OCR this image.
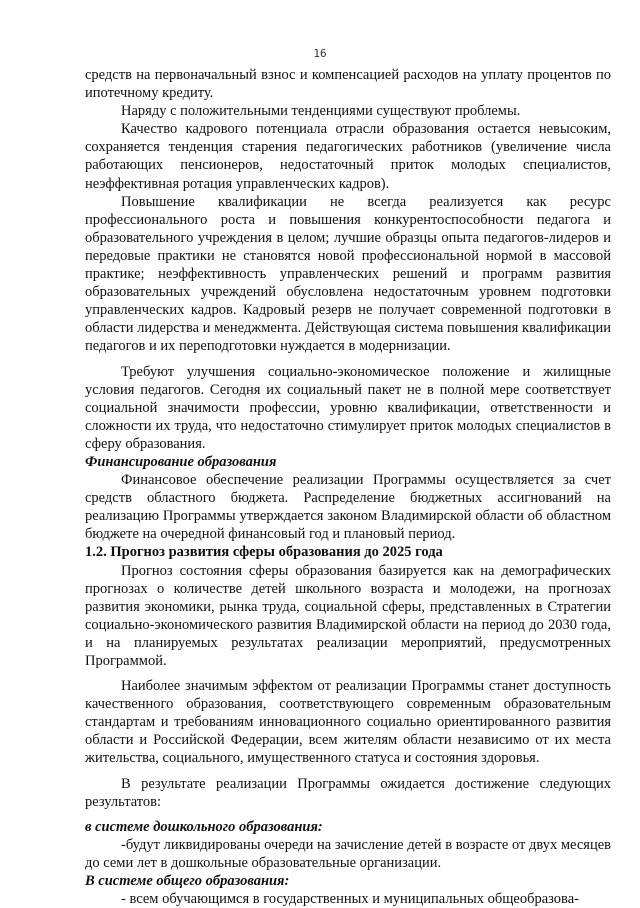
16

средств на первоначальный взнос и компенсацией расходов на уплату процентов по ипотечному кредиту.

Наряду с положительными тенденциями существуют проблемы.

Качество кадрового потенциала отрасли образования остается невысоким, сохраняется тенденция старения педагогических работников (увеличение числа работающих пенсионеров, недостаточный приток молодых специалистов, неэффективная ротация управленческих кадров).

Повышение квалификации не всегда реализуется как ресурс профессионального роста и повышения конкурентоспособности педагога и образовательного учреждения в целом; лучшие образцы опыта педагогов-лидеров и передовые практики не становятся новой профессиональной нормой в массовой практике; неэффективность управленческих решений и программ развития образовательных учреждений обусловлена недостаточным уровнем подготовки управленческих кадров. Кадровый резерв не получает современной подготовки в области лидерства и менеджмента. Действующая система повышения квалификации педагогов и их переподготовки нуждается в модернизации.

Требуют улучшения социально-экономическое положение и жилищные условия педагогов. Сегодня их социальный пакет не в полной мере соответствует социальной значимости профессии, уровню квалификации, ответственности и сложности их труда, что недостаточно стимулирует приток молодых специалистов в сферу образования.

Финансирование образования

Финансовое обеспечение реализации Программы осуществляется за счет средств областного бюджета. Распределение бюджетных ассигнований на реализацию Программы утверждается законом Владимирской области об областном бюджете на очередной финансовый год и плановый период.

1.2. Прогноз развития сферы образования до 2025 года

Прогноз состояния сферы образования базируется как на демографических прогнозах о количестве детей школьного возраста и молодежи, на прогнозах развития экономики, рынка труда, социальной сферы, представленных в Стратегии социально-экономического развития Владимирской области на период до 2030 года, и на планируемых результатах реализации мероприятий, предусмотренных Программой.

Наиболее значимым эффектом от реализации Программы станет доступность качественного образования, соответствующего современным образовательным стандартам и требованиям инновационного социально ориентированного развития области и Российской Федерации, всем жителям области независимо от их места жительства, социального, имущественного статуса и состояния здоровья.

В результате реализации Программы ожидается достижение следующих результатов:

в системе дошкольного образования:

-будут ликвидированы очереди на зачисление детей в возрасте от двух месяцев до семи лет в дошкольные образовательные организации.

В системе общего образования:

- всем обучающимся в государственных и муниципальных общеобразова-
